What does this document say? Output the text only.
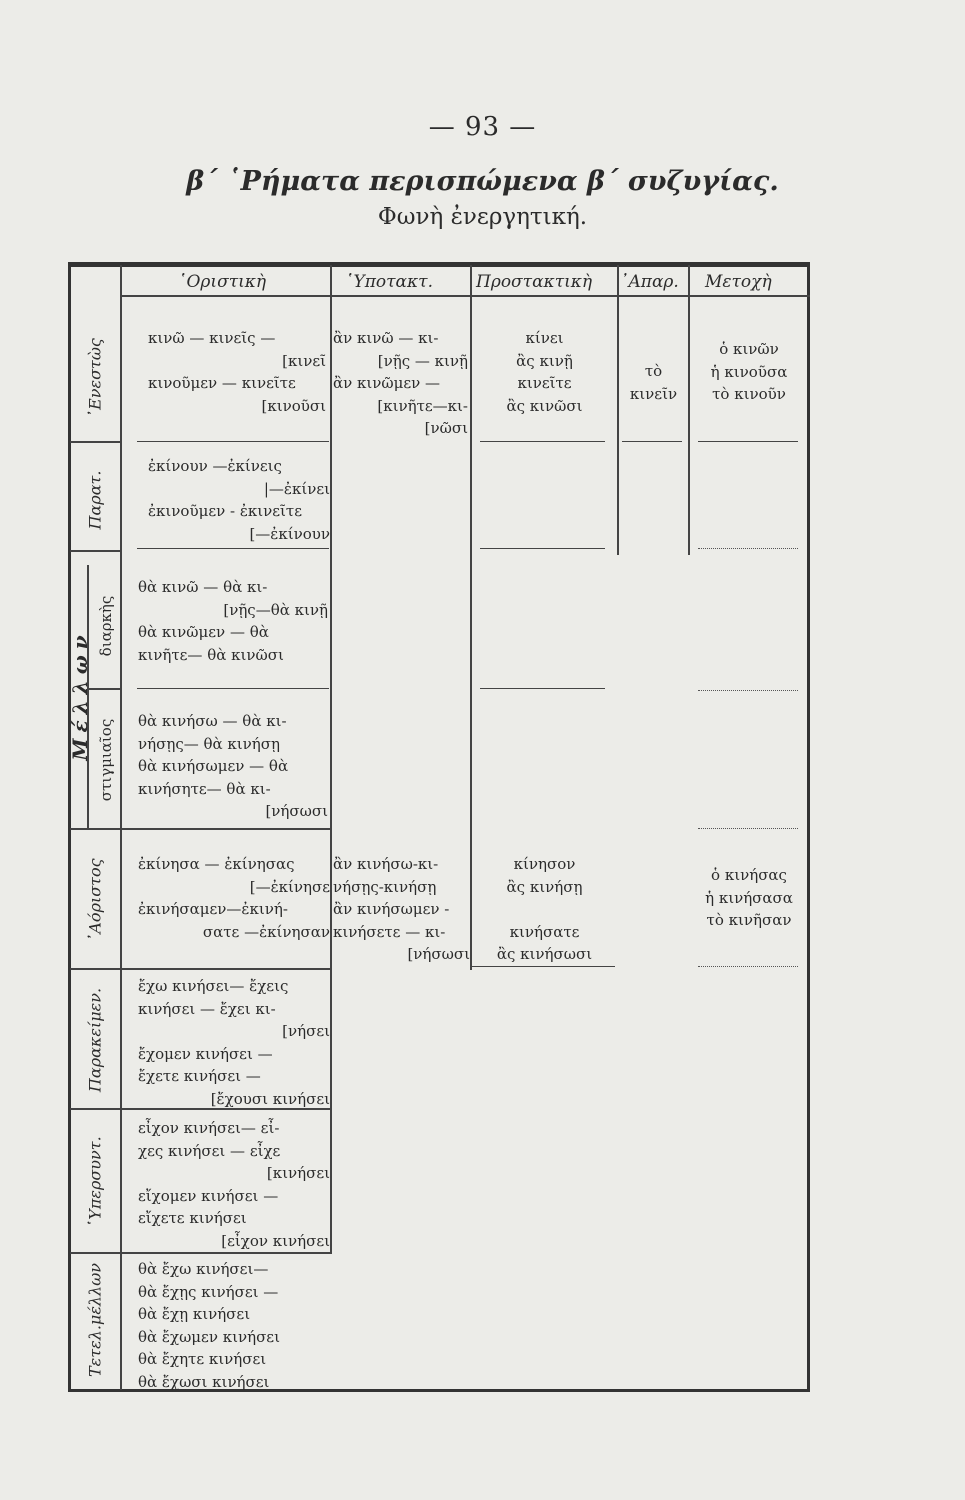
— 93 —
β΄ ῾Ρήματα περισπώμενα β΄ συζυγίας.
Φωνὴ ἐνεργητική.
῾Οριστικὴ	῾Υποτακτ.	Προστακτικὴ ᾽Απαρ. Μετοχὴ
᾽Ενεστὼς
Παρατ.
Μέλλων
διαρκὴς
στιγμιαῖος
᾽Αόριστος
Παρακείμεν.
῾Υπερσυντ.
Τετελ.μέλλων
κινῶ — κινεῖς —
[κινεῖ
κινοῦμεν — κινεῖτε
[κινοῦσι
ἂν κινῶ — κι-
[νῇς — κινῇ
ἂν κινῶμεν —
[κινῆτε—κι-
[νῶσι
κίνει
ἂς κινῇ
κινεῖτε
ἂς κινῶσι
τὸ
κινεῖν
ὁ κινῶν
ἡ κινοῦσα
τὸ κινοῦν
ἐκίνουν —ἐκίνεις
|—ἐκίνει
ἐκινοῦμεν - ἐκινεῖτε
[—ἐκίνουν
θὰ κινῶ — θὰ κι-
[νῇς—θὰ κινῇ
θὰ κινῶμεν — θὰ
κινῆτε— θὰ κινῶσι
θὰ κινήσω — θὰ κι-
νήσῃς— θὰ κινήσῃ
θὰ κινήσωμεν — θὰ
κινήσητε— θὰ κι-
[νήσωσι
ἐκίνησα — ἐκίνησας
[—ἐκίνησε
ἐκινήσαμεν—ἐκινή-
σατε —ἐκίνησαν
ἂν κινήσω-κι-
νήσῃς-κινήσῃ
ἂν κινήσωμεν -
κινήσετε — κι-
[νήσωσι
κίνησον
ἂς κινήσῃ

κινήσατε
ἂς κινήσωσι
ὁ κινήσας
ἡ κινήσασα
τὸ κινῆσαν
ἔχω κινήσει— ἔχεις
κινήσει — ἔχει κι-
[νήσει
ἔχομεν κινήσει —
ἔχετε κινήσει —
[ἔχουσι κινήσει
εἶχον κινήσει— εἶ-
χες κινήσει — εἶχε
[κινήσει
εἴχομεν κινήσει —
εἴχετε κινήσει
[εἶχον κινήσει
θὰ ἔχω κινήσει—
θὰ ἔχῃς κινήσει —
θὰ ἔχῃ κινήσει
θὰ ἔχωμεν κινήσει
θὰ ἔχητε κινήσει
θὰ ἔχωσι κινήσει
